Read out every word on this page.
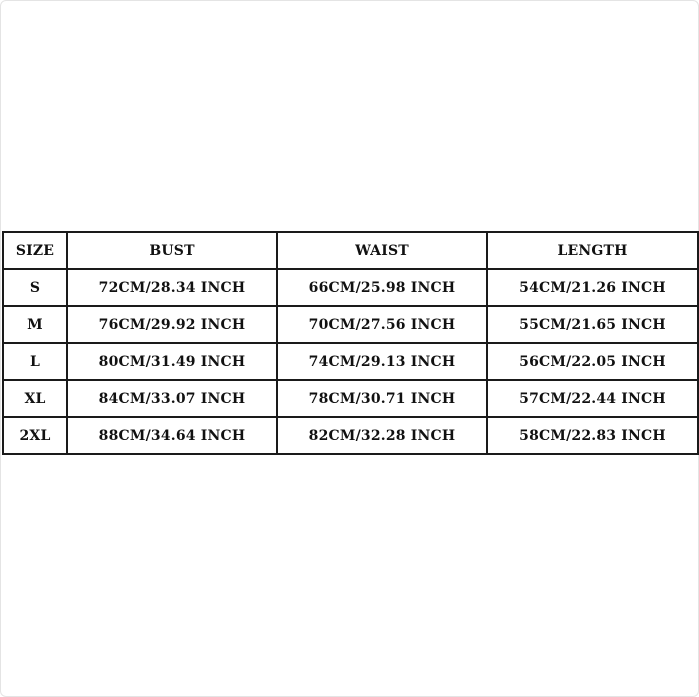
SIZE	BUST	WAIST	LENGTH
S	72CM/28.34 INCH	66CM/25.98 INCH	54CM/21.26 INCH
M	76CM/29.92 INCH	70CM/27.56 INCH	55CM/21.65 INCH
L	80CM/31.49 INCH	74CM/29.13 INCH	56CM/22.05 INCH
XL	84CM/33.07 INCH	78CM/30.71 INCH	57CM/22.44 INCH
2XL	88CM/34.64 INCH	82CM/32.28 INCH	58CM/22.83 INCH
